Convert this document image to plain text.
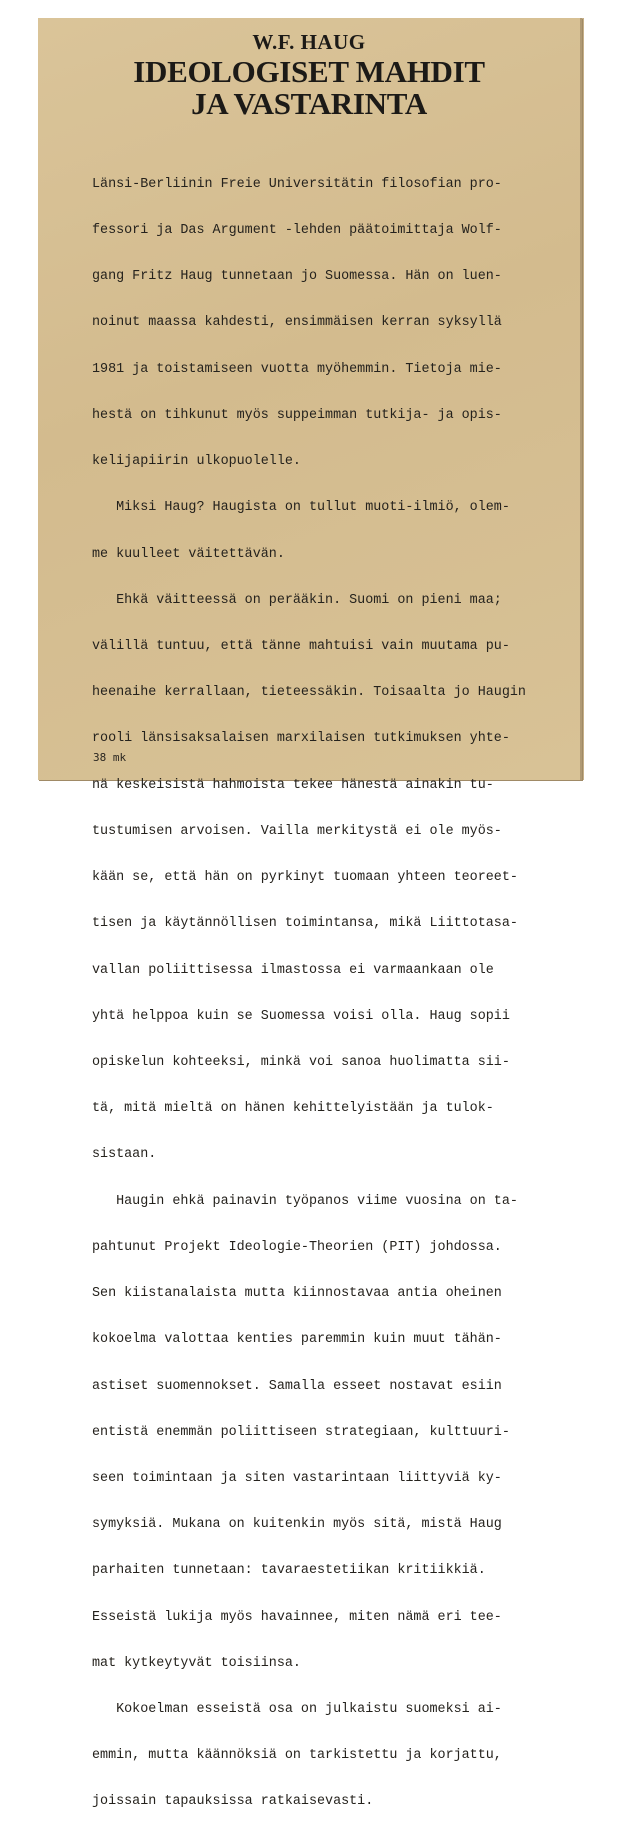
W.F. HAUG
IDEOLOGISET MAHDIT
JA VASTARINTA

Länsi-Berliinin Freie Universitätin filosofian pro-

fessori ja Das Argument -lehden päätoimittaja Wolf-

gang Fritz Haug tunnetaan jo Suomessa. Hän on luen-

noinut maassa kahdesti, ensimmäisen kerran syksyllä

1981 ja toistamiseen vuotta myöhemmin. Tietoja mie-

hestä on tihkunut myös suppeimman tutkija- ja opis-

kelijapiirin ulkopuolelle.

Miksi Haug? Haugista on tullut muoti-ilmiö, olem-

me kuulleet väitettävän.

Ehkä väitteessä on perääkin. Suomi on pieni maa;

välillä tuntuu, että tänne mahtuisi vain muutama pu-

heenaihe kerrallaan, tieteessäkin. Toisaalta jo Haugin

rooli länsisaksalaisen marxilaisen tutkimuksen yhte-

nä keskeisistä hahmoista tekee hänestä ainakin tu-

tustumisen arvoisen. Vailla merkitystä ei ole myös-

kään se, että hän on pyrkinyt tuomaan yhteen teoreet-

tisen ja käytännöllisen toimintansa, mikä Liittotasa-

vallan poliittisessa ilmastossa ei varmaankaan ole

yhtä helppoa kuin se Suomessa voisi olla. Haug sopii

opiskelun kohteeksi, minkä voi sanoa huolimatta sii-

tä, mitä mieltä on hänen kehittelyistään ja tulok-

sistaan.

Haugin ehkä painavin työpanos viime vuosina on ta-

pahtunut Projekt Ideologie-Theorien (PIT) johdossa.

Sen kiistanalaista mutta kiinnostavaa antia oheinen

kokoelma valottaa kenties paremmin kuin muut tähän-

astiset suomennokset. Samalla esseet nostavat esiin

entistä enemmän poliittiseen strategiaan, kulttuuri-

seen toimintaan ja siten vastarintaan liittyviä ky-

symyksiä. Mukana on kuitenkin myös sitä, mistä Haug

parhaiten tunnetaan: tavaraestetiikan kritiikkiä.

Esseistä lukija myös havainnee, miten nämä eri tee-

mat kytkeytyvät toisiinsa.

Kokoelman esseistä osa on julkaistu suomeksi ai-

emmin, mutta käännöksiä on tarkistettu ja korjattu,

joissain tapauksissa ratkaisevasti.

38 mk
